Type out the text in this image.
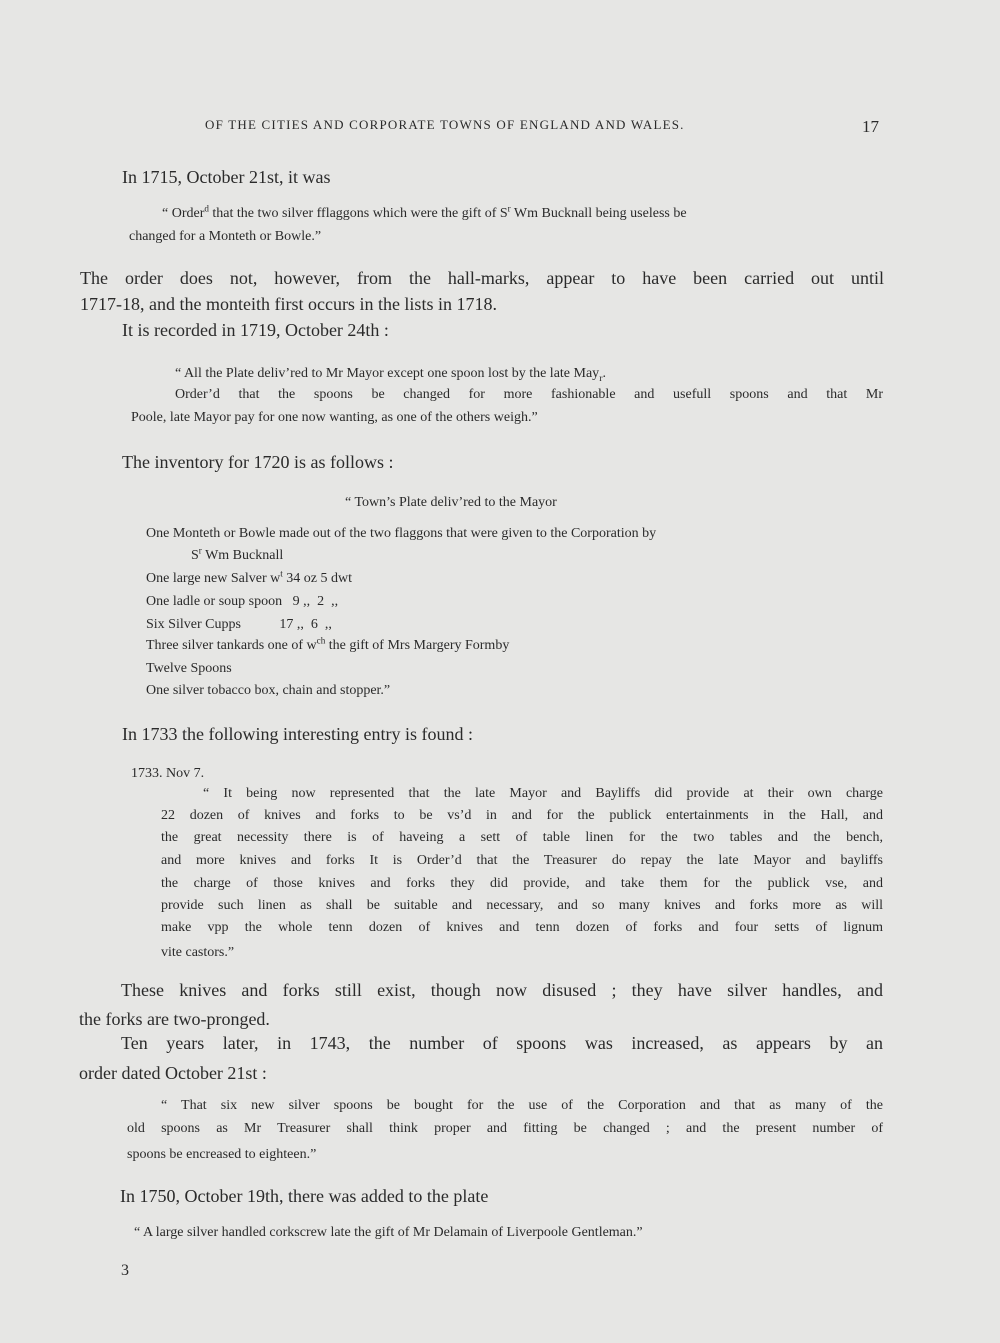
OF THE CITIES AND CORPORATE TOWNS OF ENGLAND AND WALES.	17
In 1715, October 21st, it was
“ Order$^d$ that the two silver fflaggons which were the gift of $S^r$ Wm Bucknall being useless be
changed for a Monteth or Bowle.”
The order does not, however, from the hall-marks, appear to have been carried out until
1717-18, and the monteith first occurs in the lists in 1718.
It is recorded in 1719, October 24th :
“ All the Plate deliv’red to Mr Mayor except one spoon lost by the late May$_r$.
Order’d that the spoons be changed for more fashionable and usefull spoons and that Mr
Poole, late Mayor pay for one now wanting, as one of the others weigh.”
The inventory for 1720 is as follows :
“ Town’s Plate deliv’red to the Mayor
One Monteth or Bowle made out of the two flaggons that were given to the Corporation by
$S^r$ Wm Bucknall
One large new Salver $w^t$ 34 oz 5 dwt
One ladle or soup spoon   9 ,,  2  ,,
Six Silver Cupps           17 ,,  6  ,,
Three silver tankards one of $w^{ch}$ the gift of Mrs Margery Formby
Twelve Spoons
One silver tobacco box, chain and stopper.”
In 1733 the following interesting entry is found :
1733. Nov 7.
“ It being now represented that the late Mayor and Bayliffs did provide at their own charge
22 dozen of knives and forks to be vs’d in and for the publick entertainments in the Hall, and
the great necessity there is of haveing a sett of table linen for the two tables and the bench,
and more knives and forks It is Order’d that the Treasurer do repay the late Mayor and bayliffs
the charge of those knives and forks they did provide, and take them for the publick vse, and
provide such linen as shall be suitable and necessary, and so many knives and forks more as will
make vpp the whole tenn dozen of knives and tenn dozen of forks and four setts of lignum
vite castors.”
These knives and forks still exist, though now disused ; they have silver handles, and
the forks are two-pronged.
Ten years later, in 1743, the number of spoons was increased, as appears by an
order dated October 21st :
“ That six new silver spoons be bought for the use of the Corporation and that as many of the
old spoons as Mr Treasurer shall think proper and fitting be changed ; and the present number of
spoons be encreased to eighteen.”
In 1750, October 19th, there was added to the plate
“ A large silver handled corkscrew late the gift of Mr Delamain of Liverpoole Gentleman.”
3
